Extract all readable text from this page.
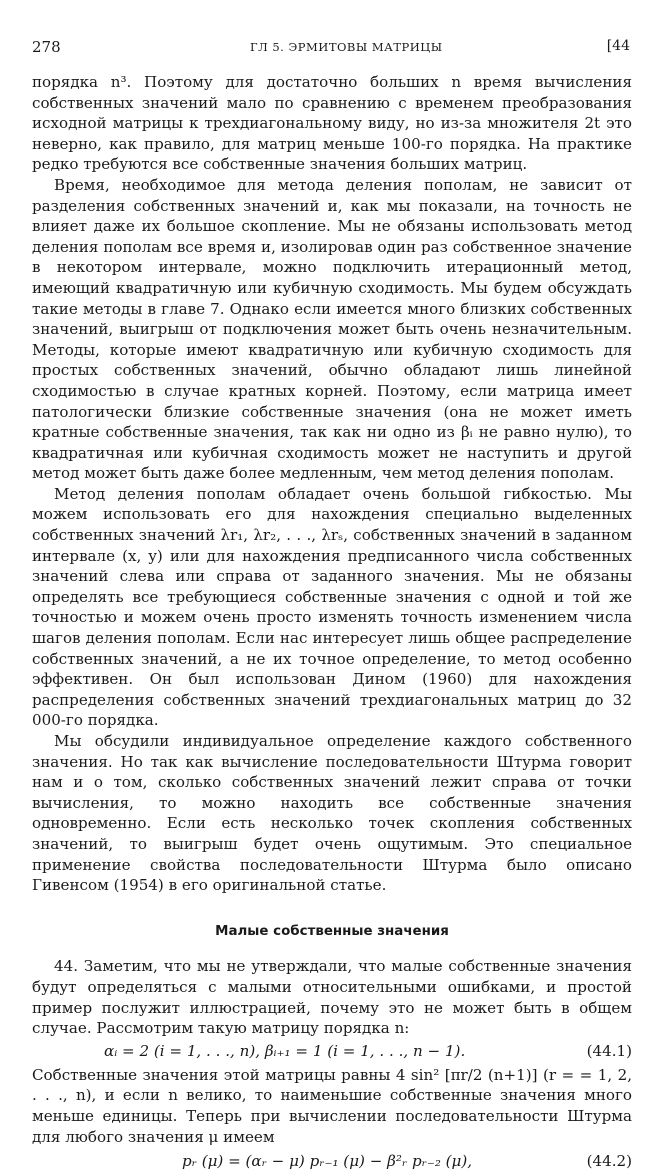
278	ГЛ 5. ЭРМИТОВЫ МАТРИЦЫ	[44

порядка n³. Поэтому для достаточно больших n время вычисления собственных значений мало по сравнению с временем преобразования исходной матрицы к трехдиагональному виду, но из-за множителя 2t это неверно, как правило, для матриц меньше 100-го порядка. На практике редко требуются все собственные значения больших матриц.

Время, необходимое для метода деления пополам, не зависит от разделения собственных значений и, как мы показали, на точность не влияет даже их большое скопление. Мы не обязаны использовать метод деления пополам все время и, изолировав один раз собственное значение в некотором интервале, можно подключить итерационный метод, имеющий квадратичную или кубичную сходимость. Мы будем обсуждать такие методы в главе 7. Однако если имеется много близких собственных значений, выигрыш от подключения может быть очень незначительным. Методы, которые имеют квадратичную или кубичную сходимость для простых собственных значений, обычно обладают лишь линейной сходимостью в случае кратных корней. Поэтому, если матрица имеет патологически близкие собственные значения (она не может иметь кратные собственные значения, так как ни одно из βᵢ не равно нулю), то квадратичная или кубичная сходимость может не наступить и другой метод может быть даже более медленным, чем метод деления пополам.

Метод деления пополам обладает очень большой гибкостью. Мы можем использовать его для нахождения специально выделенных собственных значений λr₁, λr₂, . . ., λrₛ, собственных значений в заданном интервале (x, y) или для нахождения предписанного числа собственных значений слева или справа от заданного значения. Мы не обязаны определять все требующиеся собственные значения с одной и той же точностью и можем очень просто изменять точность изменением числа шагов деления пополам. Если нас интересует лишь общее распределение собственных значений, а не их точное определение, то метод особенно эффективен. Он был использован Дином (1960) для нахождения распределения собственных значений трехдиагональных матриц до 32 000-го порядка.

Мы обсудили индивидуальное определение каждого собственного значения. Но так как вычисление последовательности Штурма говорит нам и о том, сколько собственных значений лежит справа от точки вычисления, то можно находить все собственные значения одновременно. Если есть несколько точек скопления собственных значений, то выигрыш будет очень ощутимым. Это специальное применение свойства последовательности Штурма было описано Гивенсом (1954) в его оригинальной статье.

Малые собственные значения

44. Заметим, что мы не утверждали, что малые собственные значения будут определяться с малыми относительными ошибками, и простой пример послужит иллюстрацией, почему это не может быть в общем случае. Рассмотрим такую матрицу порядка n:

αᵢ = 2 (i = 1, . . ., n), βᵢ₊₁ = 1 (i = 1, . . ., n − 1).	(44.1)

Собственные значения этой матрицы равны 4 sin² [πr/2 (n+1)] (r = = 1, 2, . . ., n), и если n велико, то наименьшие собственные значения много меньше единицы. Теперь при вычислении последовательности Штурма для любого значения μ имеем

pᵣ (μ) = (αᵣ − μ) pᵣ₋₁ (μ) − β²ᵣ pᵣ₋₂ (μ),	(44.2)
